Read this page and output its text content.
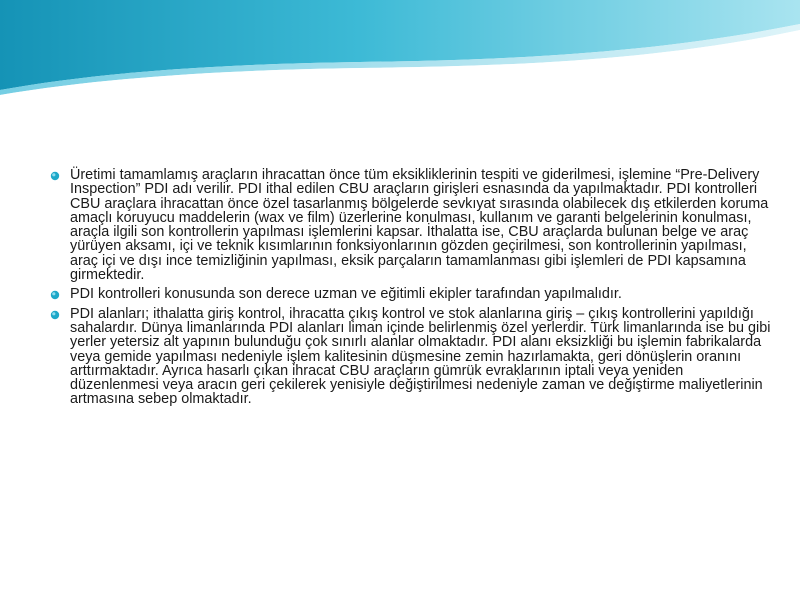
Üretimi tamamlamış araçların ihracattan önce tüm eksikliklerinin tespiti ve giderilmesi, işlemine “Pre-Delivery Inspection” PDI adı verilir. PDI ithal edilen CBU araçların girişleri esnasında da yapılmaktadır. PDI kontrolleri CBU araçlara ihracattan önce özel tasarlanmış bölgelerde sevkıyat sırasında olabilecek dış etkilerden koruma amaçlı koruyucu maddelerin (wax ve film) üzerlerine konulması, kullanım ve garanti belgelerinin konulması, araçla ilgili son kontrollerin yapılması işlemlerini kapsar. İthalatta ise, CBU araçlarda bulunan belge ve araç yürüyen aksamı, içi ve teknik kısımlarının fonksiyonlarının gözden geçirilmesi, son kontrollerinin yapılması, araç içi ve dışı ince temizliğinin yapılması, eksik parçaların tamamlanması gibi işlemleri de PDI kapsamına girmektedir.
PDI kontrolleri konusunda son derece uzman ve eğitimli ekipler tarafından yapılmalıdır.
PDI alanları; ithalatta giriş kontrol, ihracatta çıkış kontrol ve stok alanlarına giriş – çıkış kontrollerini yapıldığı sahalardır. Dünya limanlarında PDI alanları liman içinde belirlenmiş özel yerlerdir. Türk limanlarında ise bu gibi yerler yetersiz alt yapının bulunduğu çok sınırlı alanlar olmaktadır. PDI alanı eksizkliği bu işlemin fabrikalarda veya gemide yapılması nedeniyle işlem kalitesinin düşmesine zemin hazırlamakta, geri dönüşlerin oranını arttırmaktadır. Ayrıca hasarlı çıkan ihracat CBU araçların gümrük evraklarının iptali veya yeniden düzenlenmesi veya aracın geri çekilerek yenisiyle değiştirilmesi nedeniyle zaman ve değiştirme maliyetlerinin artmasına sebep olmaktadır.
